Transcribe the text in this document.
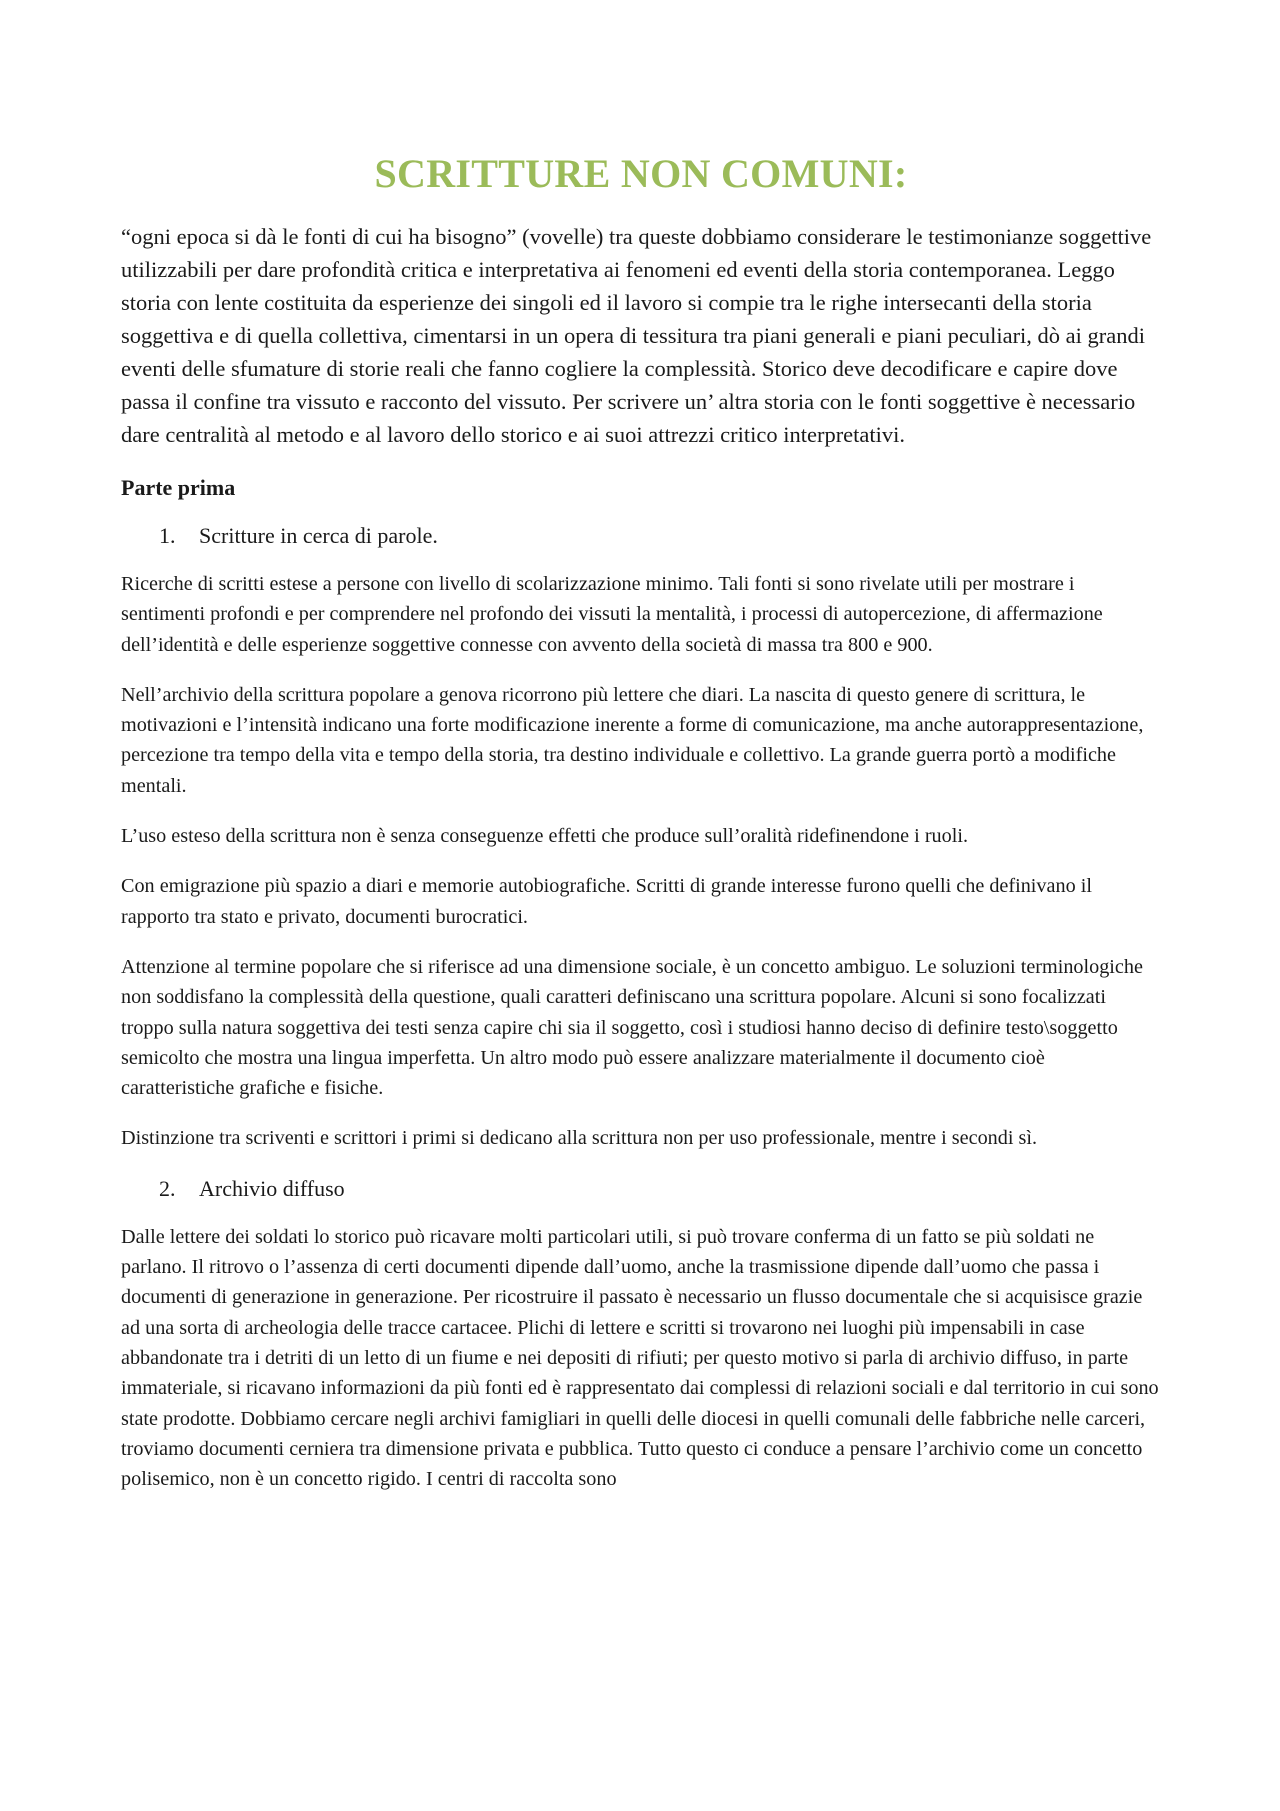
SCRITTURE NON COMUNI:

“ogni epoca si dà le fonti di cui ha bisogno” (vovelle) tra queste dobbiamo considerare le testimonianze soggettive utilizzabili per dare profondità critica e interpretativa ai fenomeni ed eventi della storia contemporanea. Leggo storia con lente costituita da esperienze dei singoli ed il lavoro si compie tra le righe intersecanti della storia soggettiva e di quella collettiva, cimentarsi in un opera di tessitura tra piani generali e piani peculiari, dò ai grandi eventi delle sfumature di storie reali che fanno cogliere la complessità. Storico deve decodificare e capire dove passa il confine tra vissuto e racconto del vissuto. Per scrivere un’ altra storia con le fonti soggettive è necessario dare centralità al metodo e al lavoro dello storico e ai suoi attrezzi critico interpretativi.

Parte prima
1.	Scritture in cerca di parole.

Ricerche di scritti estese a persone con livello di scolarizzazione minimo. Tali fonti si sono rivelate utili per mostrare i sentimenti profondi e per comprendere nel profondo dei vissuti la mentalità, i processi di autopercezione, di affermazione dell’identità e delle esperienze soggettive connesse con avvento della società di massa tra 800 e 900.

Nell’archivio della scrittura popolare a genova ricorrono più lettere che diari. La nascita di questo genere di scrittura, le motivazioni e l’intensità indicano una forte modificazione inerente a forme di comunicazione, ma anche autorappresentazione, percezione tra tempo della vita e tempo della storia, tra destino individuale e collettivo. La grande guerra portò a modifiche mentali.

L’uso esteso della scrittura non è senza conseguenze effetti che produce sull’oralità ridefinendone i ruoli.

Con emigrazione più spazio a diari e memorie autobiografiche. Scritti di grande interesse furono quelli che definivano il rapporto tra stato e privato, documenti burocratici.

Attenzione al termine popolare che si riferisce ad una dimensione sociale, è un concetto ambiguo. Le soluzioni terminologiche non soddisfano la complessità della questione, quali caratteri definiscano una scrittura popolare. Alcuni si sono focalizzati troppo sulla natura soggettiva dei testi senza capire chi sia il soggetto, così i studiosi hanno deciso di definire testo\soggetto semicolto che mostra una lingua imperfetta. Un altro modo può essere analizzare materialmente il documento cioè caratteristiche grafiche e fisiche.

Distinzione tra scriventi e scrittori i primi si dedicano alla scrittura non per uso professionale, mentre i secondi sì.

2.	Archivio diffuso

Dalle lettere dei soldati lo storico può ricavare molti particolari utili, si può trovare conferma di un fatto se più soldati ne parlano. Il ritrovo o l’assenza di certi documenti dipende dall’uomo, anche la trasmissione dipende dall’uomo che passa i documenti di generazione in generazione. Per ricostruire il passato è necessario un flusso documentale che si acquisisce grazie ad una sorta di archeologia delle tracce cartacee. Plichi di lettere e scritti si trovarono nei luoghi più impensabili in case abbandonate tra i detriti di un letto di un fiume e nei depositi di rifiuti; per questo motivo si parla di archivio diffuso, in parte immateriale, si ricavano informazioni da più fonti ed è rappresentato dai complessi di relazioni sociali e dal territorio in cui sono state prodotte. Dobbiamo cercare negli archivi famigliari in quelli delle diocesi in quelli comunali delle fabbriche nelle carceri, troviamo documenti cerniera tra dimensione privata e pubblica. Tutto questo ci conduce a pensare l’archivio come un concetto polisemico, non è un concetto rigido. I centri di raccolta sono
